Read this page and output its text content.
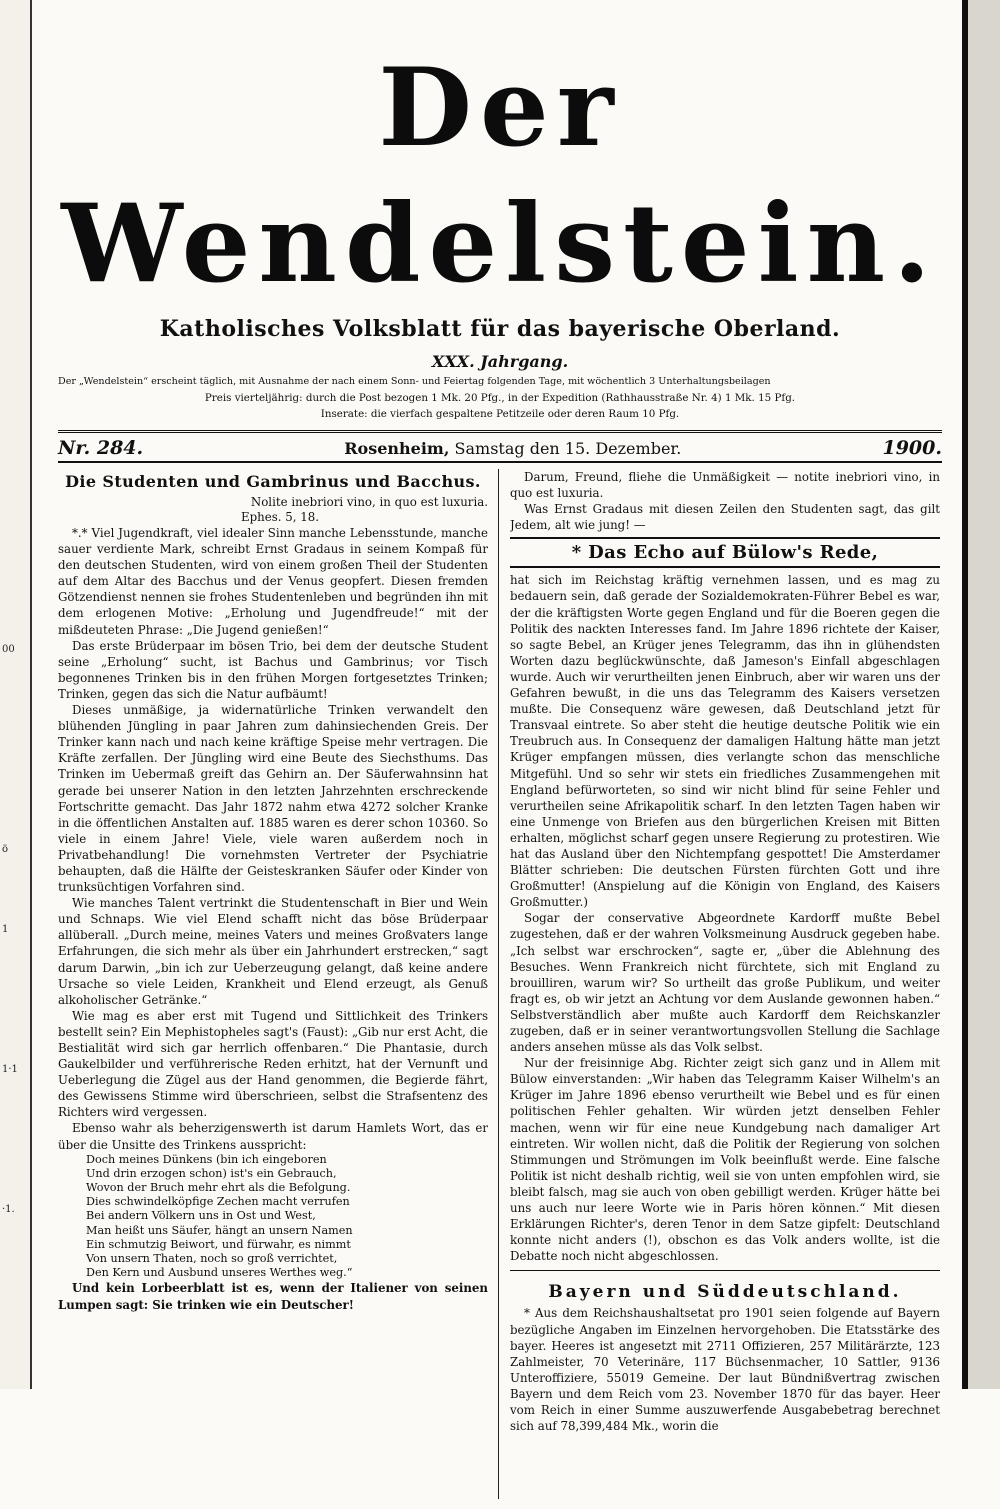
00
ö
1
1·1
·1.
Der Wendelstein.
Katholisches Volksblatt für das bayerische Oberland.
XXX. Jahrgang.
Der „Wendelstein“ erscheint täglich, mit Ausnahme der nach einem Sonn- und Feiertag folgenden Tage, mit wöchentlich 3 Unterhaltungsbeilagen
Preis vierteljährig: durch die Post bezogen 1 Mk. 20 Pfg., in der Expedition (Rathhausstraße Nr. 4) 1 Mk. 15 Pfg.
Inserate: die vierfach gespaltene Petitzeile oder deren Raum 10 Pfg.
Nr. 284.	Rosenheim, Samstag den 15. Dezember.	1900.
Die Studenten und Gambrinus und Bacchus.

Nolite inebriori vino, in quo est luxuria.

Ephes. 5, 18.

*.* Viel Jugendkraft, viel idealer Sinn manche Lebensstunde, manche sauer verdiente Mark, schreibt Ernst Gradaus in seinem Kompaß für den deutschen Studenten, wird von einem großen Theil der Studenten auf dem Altar des Bacchus und der Venus geopfert. Diesen fremden Götzendienst nennen sie frohes Studentenleben und begründen ihn mit dem erlogenen Motive: „Erholung und Jugendfreude!“ mit der mißdeuteten Phrase: „Die Jugend genießen!“

Das erste Brüderpaar im bösen Trio, bei dem der deutsche Student seine „Erholung“ sucht, ist Bachus und Gambrinus; vor Tisch begonnenes Trinken bis in den frühen Morgen fortgesetztes Trinken; Trinken, gegen das sich die Natur aufbäumt!

Dieses unmäßige, ja widernatürliche Trinken verwandelt den blühenden Jüngling in paar Jahren zum dahinsiechenden Greis. Der Trinker kann nach und nach keine kräftige Speise mehr vertragen. Die Kräfte zerfallen. Der Jüngling wird eine Beute des Siechsthums. Das Trinken im Uebermaß greift das Gehirn an. Der Säuferwahnsinn hat gerade bei unserer Nation in den letzten Jahrzehnten erschreckende Fortschritte gemacht. Das Jahr 1872 nahm etwa 4272 solcher Kranke in die öffentlichen Anstalten auf. 1885 waren es derer schon 10360. So viele in einem Jahre! Viele, viele waren außerdem noch in Privatbehandlung! Die vornehmsten Vertreter der Psychiatrie behaupten, daß die Hälfte der Geisteskranken Säufer oder Kinder von trunksüchtigen Vorfahren sind.

Wie manches Talent vertrinkt die Studentenschaft in Bier und Wein und Schnaps. Wie viel Elend schafft nicht das böse Brüderpaar allüberall. „Durch meine, meines Vaters und meines Großvaters lange Erfahrungen, die sich mehr als über ein Jahrhundert erstrecken,“ sagt darum Darwin, „bin ich zur Ueberzeugung gelangt, daß keine andere Ursache so viele Leiden, Krankheit und Elend erzeugt, als Genuß alkoholischer Getränke.“

Wie mag es aber erst mit Tugend und Sittlichkeit des Trinkers bestellt sein? Ein Mephistopheles sagt's (Faust): „Gib nur erst Acht, die Bestialität wird sich gar herrlich offenbaren.“ Die Phantasie, durch Gaukelbilder und verführerische Reden erhitzt, hat der Vernunft und Ueberlegung die Zügel aus der Hand genommen, die Begierde fährt, des Gewissens Stimme wird überschrieen, selbst die Strafsentenz des Richters wird vergessen.

Ebenso wahr als beherzigenswerth ist darum Hamlets Wort, das er über die Unsitte des Trinkens ausspricht:

Doch meines Dünkens (bin ich eingeboren
Und drin erzogen schon) ist's ein Gebrauch,
Wovon der Bruch mehr ehrt als die Befolgung.
Dies schwindelköpfige Zechen macht verrufen
Bei andern Völkern uns in Ost und West,
Man heißt uns Säufer, hängt an unsern Namen
Ein schmutzig Beiwort, und fürwahr, es nimmt
Von unsern Thaten, noch so groß verrichtet,
Den Kern und Ausbund unseres Werthes weg.“

Und kein Lorbeerblatt ist es, wenn der Italiener von seinen Lumpen sagt: Sie trinken wie ein Deutscher!

Darum, Freund, fliehe die Unmäßigkeit — notite inebriori vino, in quo est luxuria.

Was Ernst Gradaus mit diesen Zeilen den Studenten sagt, das gilt Jedem, alt wie jung! —

* Das Echo auf Bülow's Rede,

hat sich im Reichstag kräftig vernehmen lassen, und es mag zu bedauern sein, daß gerade der Sozialdemokraten-Führer Bebel es war, der die kräftigsten Worte gegen England und für die Boeren gegen die Politik des nackten Interesses fand. Im Jahre 1896 richtete der Kaiser, so sagte Bebel, an Krüger jenes Telegramm, das ihn in glühendsten Worten dazu beglückwünschte, daß Jameson's Einfall abgeschlagen wurde. Auch wir verurtheilten jenen Einbruch, aber wir waren uns der Gefahren bewußt, in die uns das Telegramm des Kaisers versetzen mußte. Die Consequenz wäre gewesen, daß Deutschland jetzt für Transvaal eintrete. So aber steht die heutige deutsche Politik wie ein Treubruch aus. In Consequenz der damaligen Haltung hätte man jetzt Krüger empfangen müssen, dies verlangte schon das menschliche Mitgefühl. Und so sehr wir stets ein friedliches Zusammengehen mit England befürworteten, so sind wir nicht blind für seine Fehler und verurtheilen seine Afrikapolitik scharf. In den letzten Tagen haben wir eine Unmenge von Briefen aus den bürgerlichen Kreisen mit Bitten erhalten, möglichst scharf gegen unsere Regierung zu protestiren. Wie hat das Ausland über den Nichtempfang gespottet! Die Amsterdamer Blätter schrieben: Die deutschen Fürsten fürchten Gott und ihre Großmutter! (Anspielung auf die Königin von England, des Kaisers Großmutter.)

Sogar der conservative Abgeordnete Kardorff mußte Bebel zugestehen, daß er der wahren Volksmeinung Ausdruck gegeben habe. „Ich selbst war erschrocken“, sagte er, „über die Ablehnung des Besuches. Wenn Frankreich nicht fürchtete, sich mit England zu brouilliren, warum wir? So urtheilt das große Publikum, und weiter fragt es, ob wir jetzt an Achtung vor dem Auslande gewonnen haben.“ Selbstverständlich aber mußte auch Kardorff dem Reichskanzler zugeben, daß er in seiner verantwortungsvollen Stellung die Sachlage anders ansehen müsse als das Volk selbst.

Nur der freisinnige Abg. Richter zeigt sich ganz und in Allem mit Bülow einverstanden: „Wir haben das Telegramm Kaiser Wilhelm's an Krüger im Jahre 1896 ebenso verurtheilt wie Bebel und es für einen politischen Fehler gehalten. Wir würden jetzt denselben Fehler machen, wenn wir für eine neue Kundgebung nach damaliger Art eintreten. Wir wollen nicht, daß die Politik der Regierung von solchen Stimmungen und Strömungen im Volk beeinflußt werde. Eine falsche Politik ist nicht deshalb richtig, weil sie von unten empfohlen wird, sie bleibt falsch, mag sie auch von oben gebilligt werden. Krüger hätte bei uns auch nur leere Worte wie in Paris hören können.“ Mit diesen Erklärungen Richter's, deren Tenor in dem Satze gipfelt: Deutschland konnte nicht anders (!), obschon es das Volk anders wollte, ist die Debatte noch nicht abgeschlossen.

Bayern und Süddeutschland.

* Aus dem Reichshaushaltsetat pro 1901 seien folgende auf Bayern bezügliche Angaben im Einzelnen hervorgehoben. Die Etatsstärke des bayer. Heeres ist angesetzt mit 2711 Offizieren, 257 Militärärzte, 123 Zahlmeister, 70 Veterinäre, 117 Büchsenmacher, 10 Sattler, 9136 Unteroffiziere, 55019 Gemeine. Der laut Bündnißvertrag zwischen Bayern und dem Reich vom 23. November 1870 für das bayer. Heer vom Reich in einer Summe auszuwerfende Ausgabebetrag berechnet sich auf 78,399,484 Mk., worin die
